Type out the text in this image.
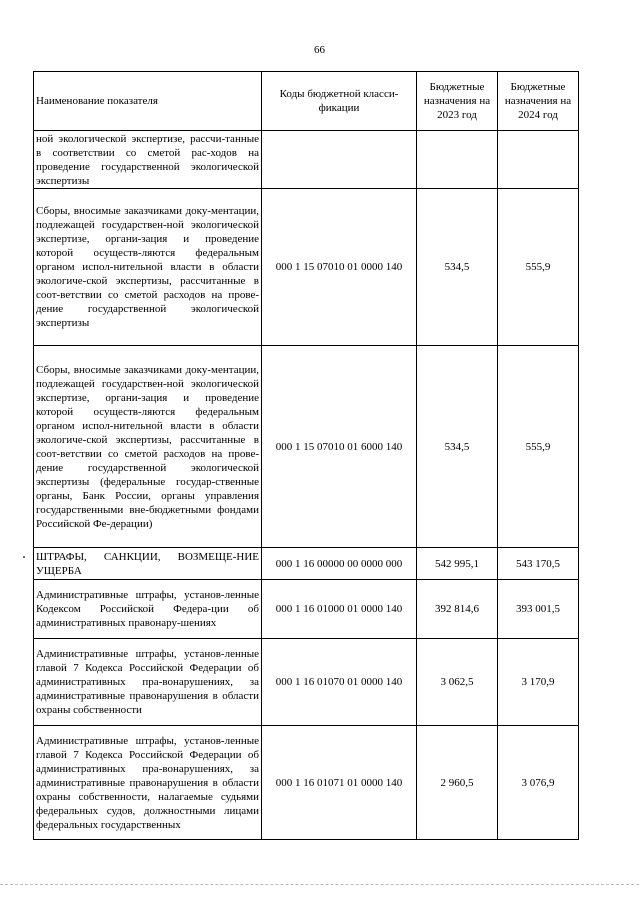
66
Наименование показателя	Коды бюджетной класси-фикации	Бюджетные назначения на 2023 год	Бюджетные назначения на 2024 год
ной экологической экспертизе, рассчи-танные в соответствии со сметой рас-ходов на проведение государственной экологической экспертизы			
Сборы, вносимые заказчиками доку-ментации, подлежащей государствен-ной экологической экспертизе, органи-зация и проведение которой осуществ-ляются федеральным органом испол-нительной власти в области экологиче-ской экспертизы, рассчитанные в соот-ветствии со сметой расходов на прове-дение государственной экологической экспертизы	000 1 15 07010 01 0000 140	534,5	555,9
Сборы, вносимые заказчиками доку-ментации, подлежащей государствен-ной экологической экспертизе, органи-зация и проведение которой осуществ-ляются федеральным органом испол-нительной власти в области экологиче-ской экспертизы, рассчитанные в соот-ветствии со сметой расходов на прове-дение государственной экологической экспертизы (федеральные государ-ственные органы, Банк России, органы управления государственными вне-бюджетными фондами Российской Фе-дерации)	000 1 15 07010 01 6000 140	534,5	555,9
ШТРАФЫ, САНКЦИИ, ВОЗМЕЩЕ-НИЕ УЩЕРБА	000 1 16 00000 00 0000 000	542 995,1	543 170,5
Административные штрафы, установ-ленные Кодексом Российской Федера-ции об административных правонару-шениях	000 1 16 01000 01 0000 140	392 814,6	393 001,5
Административные штрафы, установ-ленные главой 7 Кодекса Российской Федерации об административных пра-вонарушениях, за административные правонарушения в области охраны собственности	000 1 16 01070 01 0000 140	3 062,5	3 170,9
Административные штрафы, установ-ленные главой 7 Кодекса Российской Федерации об административных пра-вонарушениях, за административные правонарушения в области охраны собственности, налагаемые судьями федеральных судов, должностными лицами федеральных государственных	000 1 16 01071 01 0000 140	2 960,5	3 076,9
